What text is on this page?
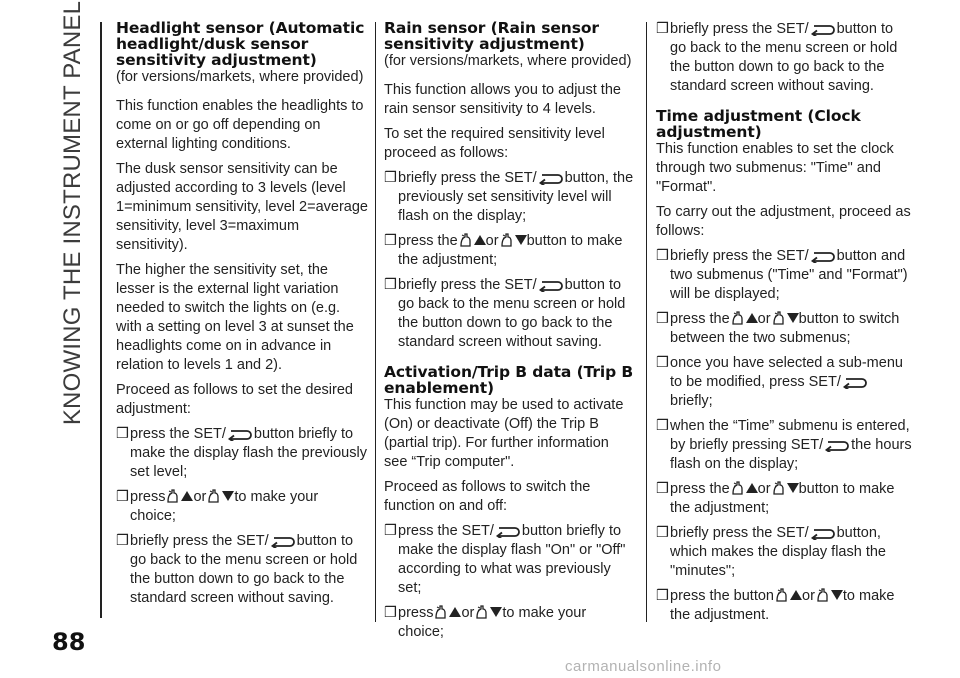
KNOWING THE INSTRUMENT PANEL Headlight sensor (Automatic headlight/dusk sensor sensitivity adjustment)

(for versions/markets, where provided)

This function enables the headlights to come on or go off depending on external lighting conditions.

The dusk sensor sensitivity can be adjusted according to 3 levels (level 1=minimum sensitivity, level 2=average sensitivity, level 3=maximum sensitivity).

The higher the sensitivity set, the lesser is the external light variation needed to switch the lights on (e.g. with a setting on level 3 at sunset the headlights come on in advance in relation to levels 1 and 2).

Proceed as follows to set the desired adjustment:

❒ press the SET/ button briefly to make the display flash the previously set level;
❒ press or to make your choice;
❒ briefly press the SET/ button to go back to the menu screen or hold the button down to go back to the standard screen without saving.
Rain sensor (Rain sensor sensitivity adjustment)

(for versions/markets, where provided)

This function allows you to adjust the rain sensor sensitivity to 4 levels.

To set the required sensitivity level proceed as follows:

❒ briefly press the SET/ button, the previously set sensitivity level will flash on the display;
❒ press the or button to make the adjustment;
❒ briefly press the SET/ button to go back to the menu screen or hold the button down to go back to the standard screen without saving.
Activation/Trip B data (Trip B enablement)

This function may be used to activate (On) or deactivate (Off) the Trip B (partial trip). For further information see “Trip computer".

Proceed as follows to switch the function on and off:

❒ press the SET/ button briefly to make the display flash "On" or "Off" according to what was previously set;
❒ press or to make your choice;
❒ briefly press the SET/ button to go back to the menu screen or hold the button down to go back to the standard screen without saving.
Time adjustment (Clock adjustment)

This function enables to set the clock through two submenus: "Time" and "Format".

To carry out the adjustment, proceed as follows:

❒ briefly press the SET/ button and two submenus ("Time" and "Format") will be displayed;
❒ press the or button to switch between the two submenus;
❒ once you have selected a sub-menu to be modified, press SET/ briefly;
❒ when the “Time” submenu is entered, by briefly pressing SET/ the hours flash on the display;
❒ press the or button to make the adjustment;
❒ briefly press the SET/ button, which makes the display flash the "minutes";
❒ press the button or to make the adjustment.
88
carmanualsonline.info
